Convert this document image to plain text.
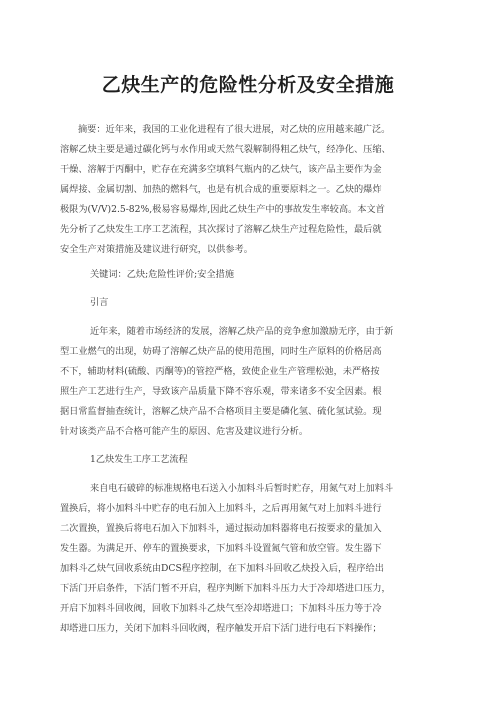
乙炔生产的危险性分析及安全措施
摘要：近年来，我国的工业化进程有了很大进展，对乙炔的应用越来越广泛。
溶解乙炔主要是通过碳化钙与水作用或天然气裂解制得粗乙炔气，经净化、压缩、
干燥、溶解于丙酮中，贮存在充满多空填料气瓶内的乙炔气，该产品主要作为金
属焊接、金属切割、加热的燃料气，也是有机合成的重要原料之一。乙炔的爆炸
极限为(V/V)2.5-82%,极易容易爆炸,因此乙炔生产中的事故发生率较高。本文首
先分析了乙炔发生工序工艺流程，其次探讨了溶解乙炔生产过程危险性，最后就
安全生产对策措施及建议进行研究，以供参考。
关键词：乙炔;危险性评价;安全措施
引言
近年来，随着市场经济的发展，溶解乙炔产品的竞争愈加激励无序，由于新
型工业燃气的出现，妨碍了溶解乙炔产品的使用范围，同时生产原料的价格居高
不下，辅助材料(硫酸、丙酮等)的管控严格，致使企业生产管理松弛，未严格按
照生产工艺进行生产，导致该产品质量下降不容乐观，带来诸多不安全因素。根
据日常监督抽查统计，溶解乙炔产品不合格项目主要是磷化氢、硫化氢试验。现
针对该类产品不合格可能产生的原因、危害及建议进行分析。
1乙炔发生工序工艺流程
来自电石破碎的标准规格电石送入小加料斗后暂时贮存，用氮气对上加料斗
置换后，将小加料斗中贮存的电石加入上加料斗，之后再用氮气对上加料斗进行
二次置换，置换后将电石加入下加料斗，通过振动加料器将电石按要求的量加入
发生器。为满足开、停车的置换要求，下加料斗设置氮气管和放空管。发生器下
加料斗乙炔气回收系统由DCS程序控制，在下加料斗回收乙炔投入后，程序给出
下活门开启条件，下活门暂不开启，程序判断下加料斗压力大于冷却塔进口压力，
开启下加料斗回收阀，回收下加料斗乙炔气至冷却塔进口；下加料斗压力等于冷
却塔进口压力，关闭下加料斗回收阀，程序触发开启下活门进行电石下料操作；
